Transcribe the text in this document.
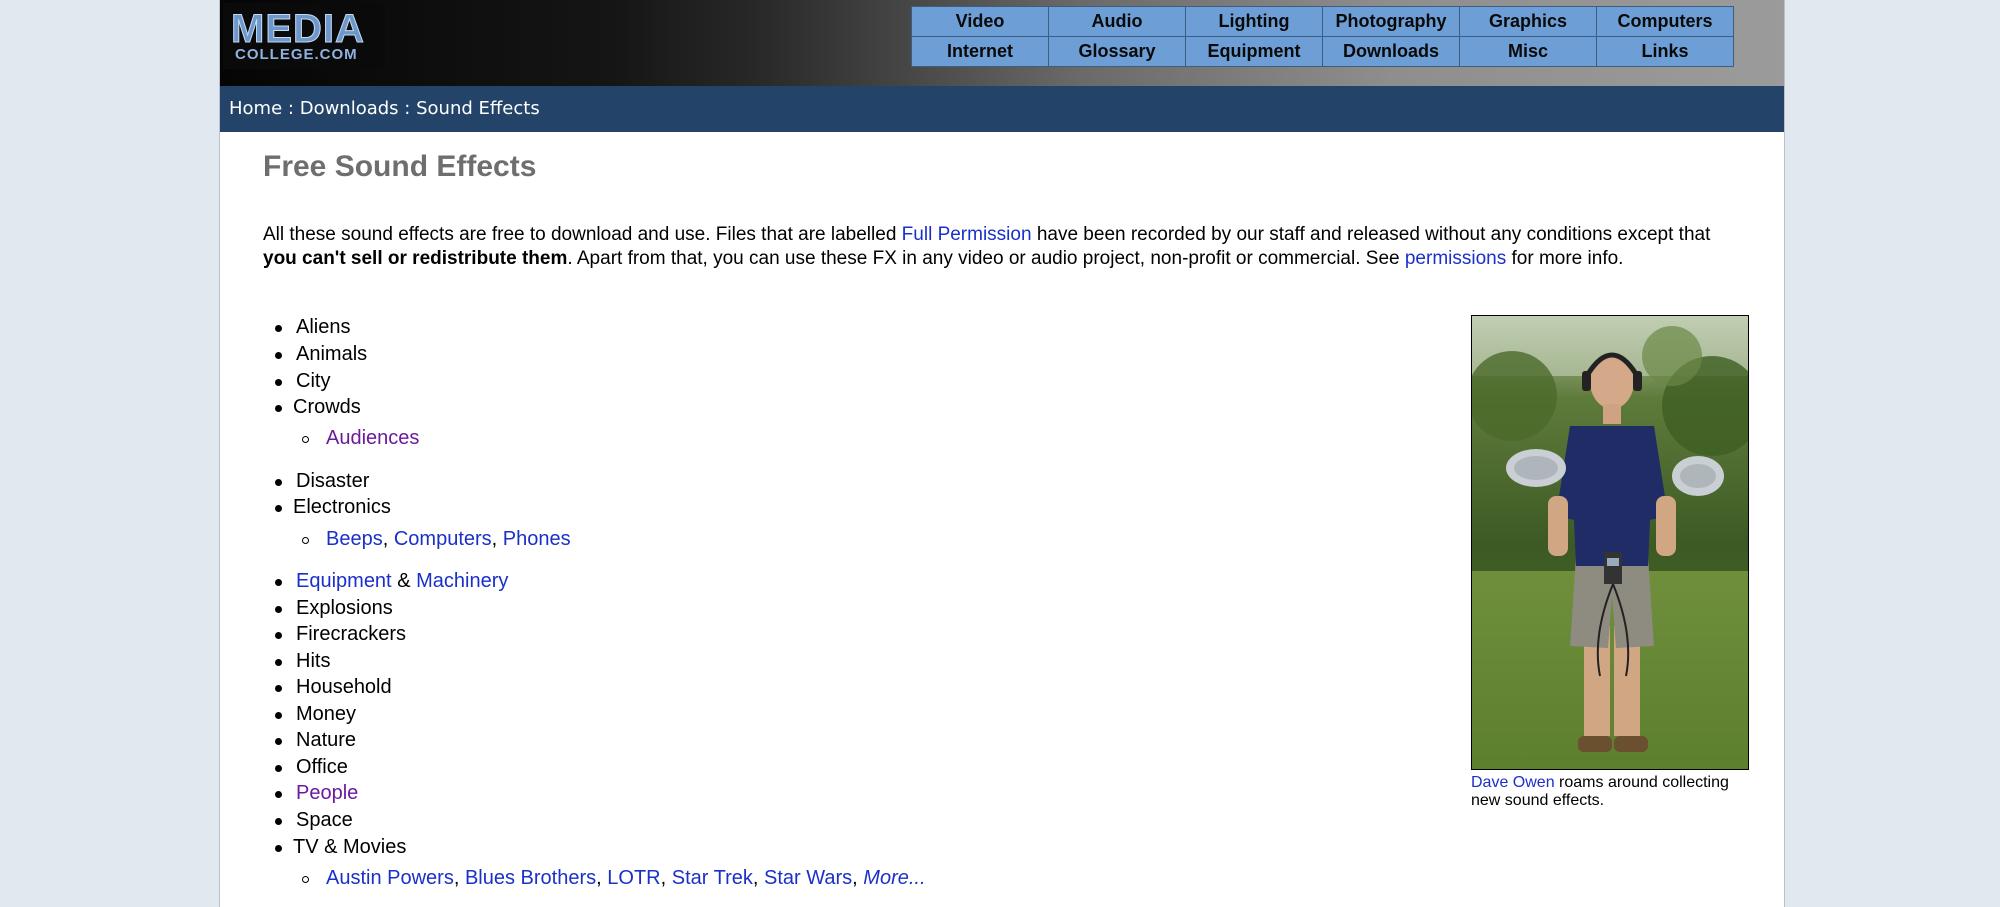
MEDIA
COLLEGE.COM
Video	Audio	Lighting	Photography	Graphics	Computers
Internet	Glossary	Equipment	Downloads	Misc	Links
Home : Downloads : Sound Effects
Free Sound Effects

All these sound effects are free to download and use. Files that are labelled Full Permission have been recorded by our staff and released without any conditions except that you can't sell or redistribute them. Apart from that, you can use these FX in any video or audio project, non-profit or commercial. See permissions for more info.

Aliens
Animals
City
Crowds
Audiences
Disaster
Electronics
Beeps, Computers, Phones
Equipment & Machinery
Explosions
Firecrackers
Hits
Household
Money
Nature
Office
People
Space
TV & Movies
Austin Powers, Blues Brothers, LOTR, Star Trek, Star Wars, More...
Dave Owen roams around collecting new sound effects.
